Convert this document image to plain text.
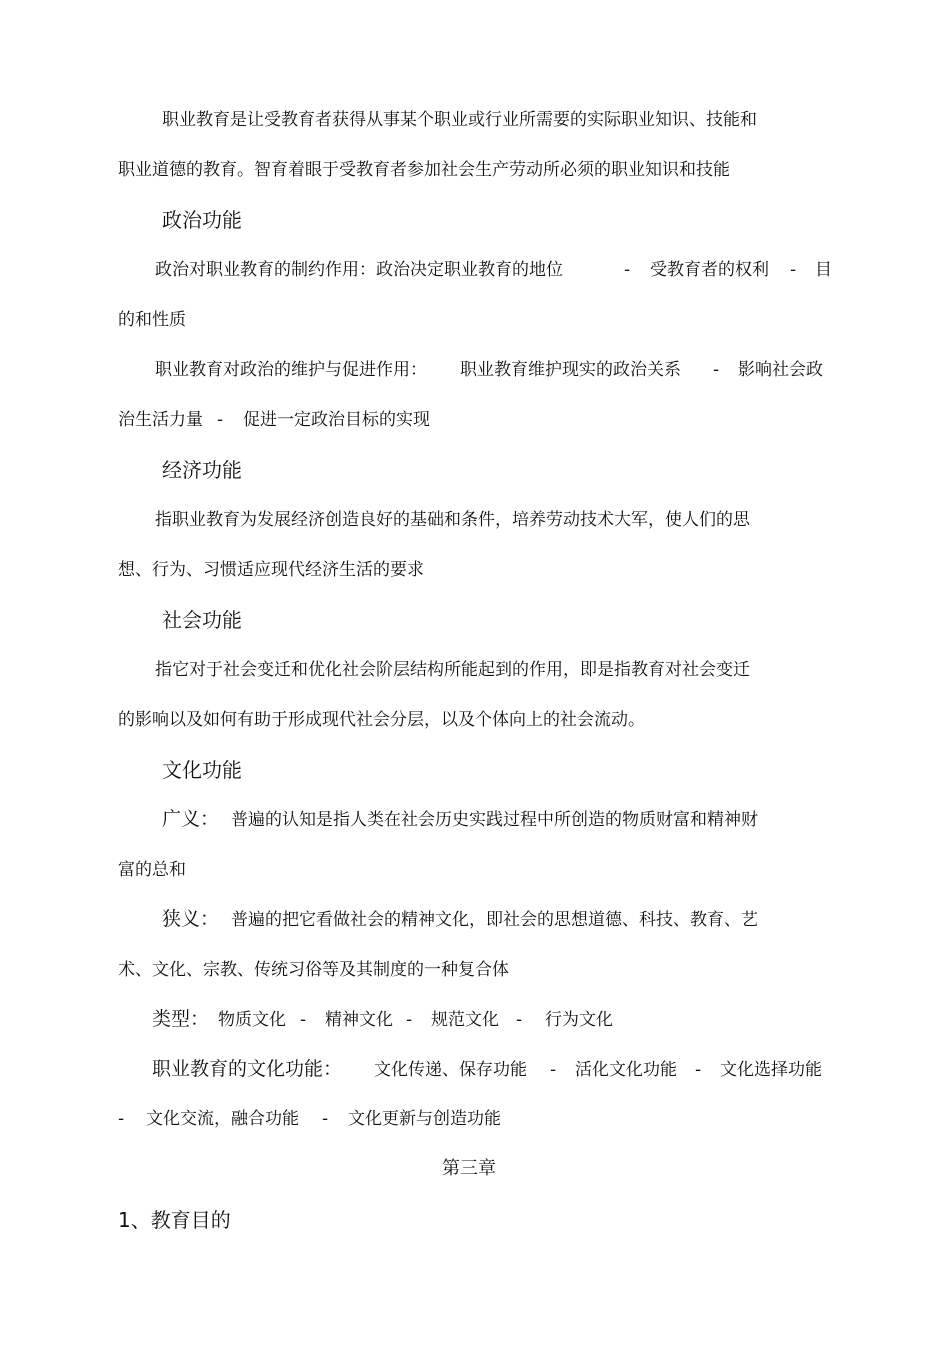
职业教育是让受教育者获得从事某个职业或行业所需要的实际职业知识、技能和
职业道德的教育。智育着眼于受教育者参加社会生产劳动所必须的职业知识和技能
政治功能
政治对职业教育的制约作用：政治决定职业教育的地位	- 受教育者的权利 - 目
的和性质
职业教育对政治的维护与促进作用： 职业教育维护现实的政治关系 - 影响社会政
治生活力量 - 促进一定政治目标的实现
经济功能
指职业教育为发展经济创造良好的基础和条件，培养劳动技术大军，使人们的思
想、行为、习惯适应现代经济生活的要求
社会功能
指它对于社会变迁和优化社会阶层结构所能起到的作用，即是指教育对社会变迁
的影响以及如何有助于形成现代社会分层，以及个体向上的社会流动。
文化功能
广义： 普遍的认知是指人类在社会历史实践过程中所创造的物质财富和精神财
富的总和
狭义： 普遍的把它看做社会的精神文化，即社会的思想道德、科技、教育、艺
术、文化、宗教、传统习俗等及其制度的一种复合体
类型： 物质文化 - 精神文化 - 规范文化 - 行为文化
职业教育的文化功能： 文化传递、保存功能 - 活化文化功能 - 文化选择功能
- 文化交流，融合功能 - 文化更新与创造功能
第三章
1、教育目的
